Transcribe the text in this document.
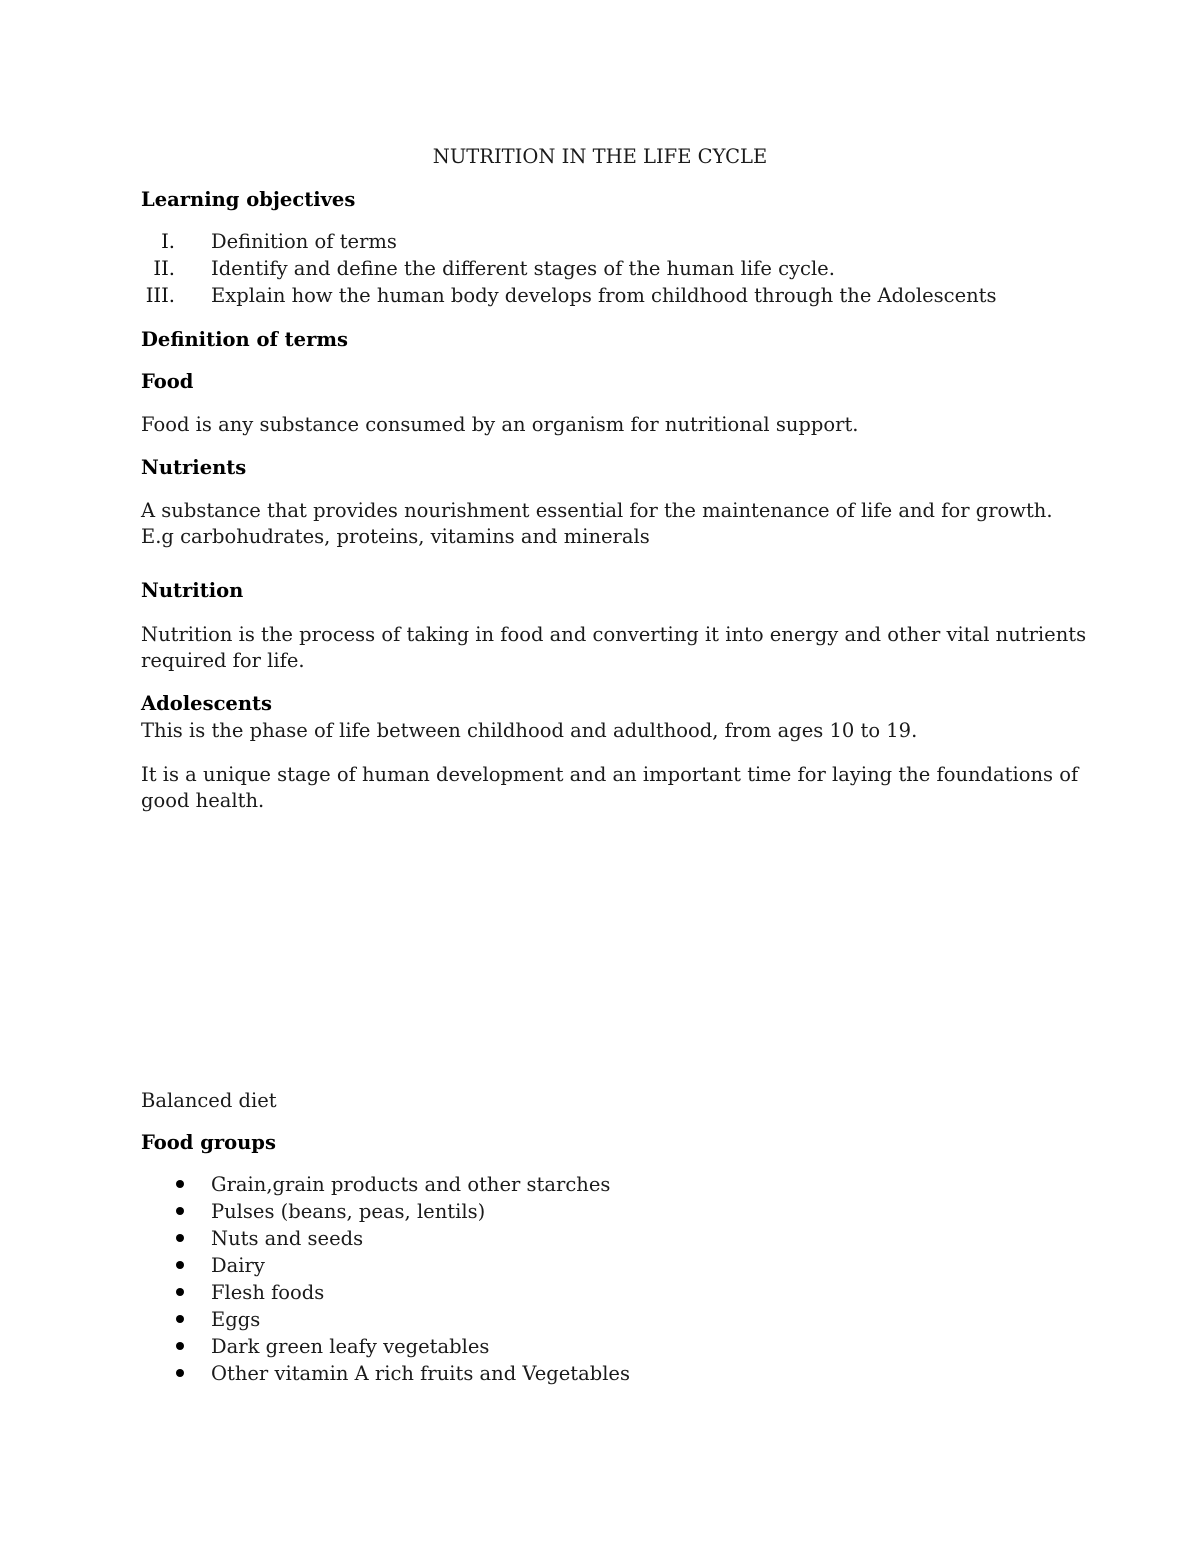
NUTRITION IN THE LIFE CYCLE
Learning objectives
I. Definition of terms
II. Identify and define the different stages of the human life cycle.
III. Explain how the human body develops from childhood through the Adolescents
Definition of terms
Food
Food is any substance consumed by an organism for nutritional support.
Nutrients
A substance that provides nourishment essential for the maintenance of life and for growth.
E.g carbohudrates, proteins, vitamins and minerals
Nutrition
Nutrition is the process of taking in food and converting it into energy and other vital nutrients
required for life.
Adolescents
This is the phase of life between childhood and adulthood, from ages 10 to 19.
It is a unique stage of human development and an important time for laying the foundations of
good health.
Balanced diet
Food groups
Grain,grain products and other starches
Pulses (beans, peas, lentils)
Nuts and seeds
Dairy
Flesh foods
Eggs
Dark green leafy vegetables
Other vitamin A rich fruits and Vegetables
